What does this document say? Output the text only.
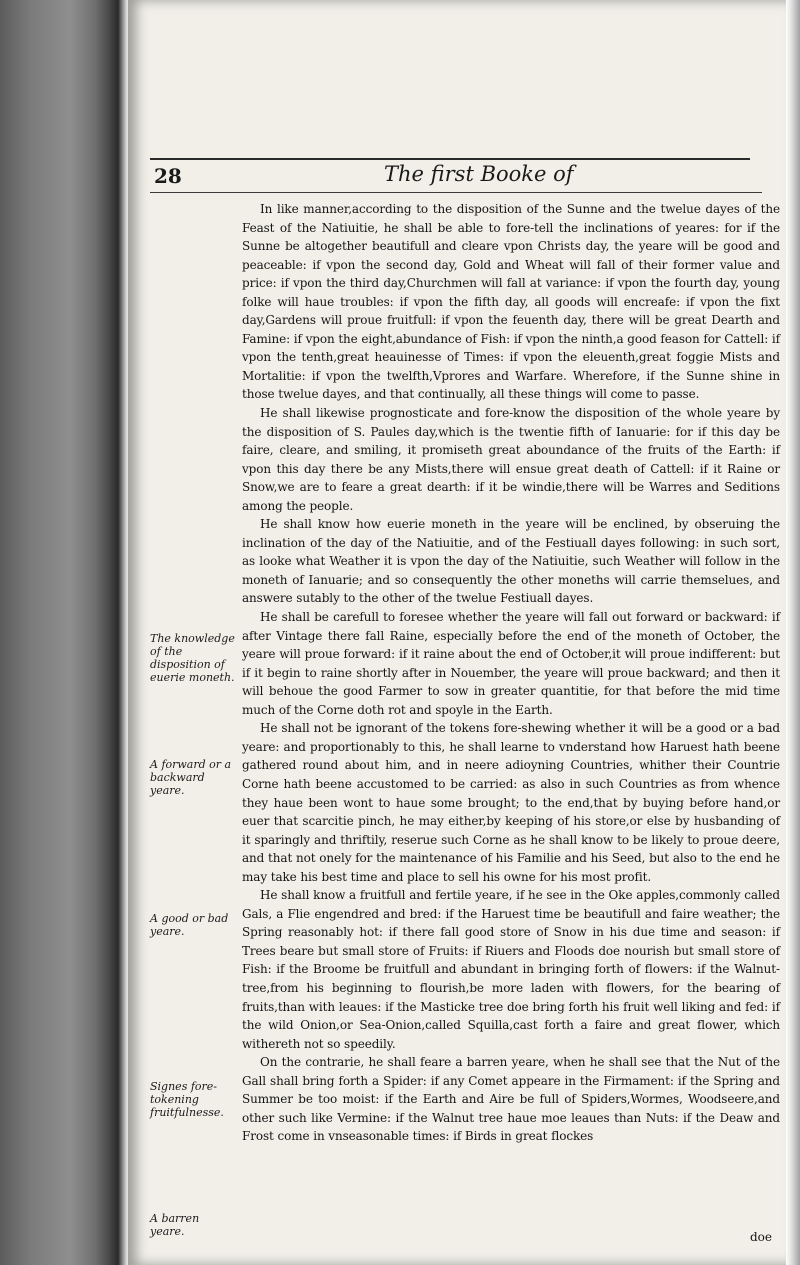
28	The first Booke of
The knowledge of the disposition of euerie moneth.
A forward or a backward yeare.
A good or bad yeare.
Signes fore-tokening fruitfulnesse.
A barren yeare.

In like manner,according to the disposition of the Sunne and the twelue dayes of the Feast of the Natiuitie, he shall be able to fore-tell the inclinations of yeares: for if the Sunne be altogether beautifull and cleare vpon Christs day, the yeare will be good and peaceable: if vpon the second day, Gold and Wheat will fall of their former value and price: if vpon the third day,Churchmen will fall at variance: if vpon the fourth day, young folke will haue troubles: if vpon the fifth day, all goods will encreafe: if vpon the fixt day,Gardens will proue fruitfull: if vpon the feuenth day, there will be great Dearth and Famine: if vpon the eight,abundance of Fish: if vpon the ninth,a good feason for Cattell: if vpon the tenth,great heauinesse of Times: if vpon the eleuenth,great foggie Mists and Mortalitie: if vpon the twelfth,Vprores and Warfare. Wherefore, if the Sunne shine in those twelue dayes, and that continually, all these things will come to passe.

He shall likewise prognosticate and fore-know the disposition of the whole yeare by the disposition of S. Paules day,which is the twentie fifth of Ianuarie: for if this day be faire, cleare, and smiling, it promiseth great aboundance of the fruits of the Earth: if vpon this day there be any Mists,there will ensue great death of Cattell: if it Raine or Snow,we are to feare a great dearth: if it be windie,there will be Warres and Seditions among the people.

He shall know how euerie moneth in the yeare will be enclined, by obseruing the inclination of the day of the Natiuitie, and of the Festiuall dayes following: in such sort, as looke what Weather it is vpon the day of the Natiuitie, such Weather will follow in the moneth of Ianuarie; and so consequently the other moneths will carrie themselues, and answere sutably to the other of the twelue Festiuall dayes.

He shall be carefull to foresee whether the yeare will fall out forward or backward: if after Vintage there fall Raine, especially before the end of the moneth of October, the yeare will proue forward: if it raine about the end of October,it will proue indifferent: but if it begin to raine shortly after in Nouember, the yeare will proue backward; and then it will behoue the good Farmer to sow in greater quantitie, for that before the mid time much of the Corne doth rot and spoyle in the Earth.

He shall not be ignorant of the tokens fore-shewing whether it will be a good or a bad yeare: and proportionably to this, he shall learne to vnderstand how Haruest hath beene gathered round about him, and in neere adioyning Countries, whither their Countrie Corne hath beene accustomed to be carried: as also in such Countries as from whence they haue been wont to haue some brought; to the end,that by buying before hand,or euer that scarcitie pinch, he may either,by keeping of his store,or else by husbanding of it sparingly and thriftily, reserue such Corne as he shall know to be likely to proue deere, and that not onely for the maintenance of his Familie and his Seed, but also to the end he may take his best time and place to sell his owne for his most profit.

He shall know a fruitfull and fertile yeare, if he see in the Oke apples,commonly called Gals, a Flie engendred and bred: if the Haruest time be beautifull and faire weather; the Spring reasonably hot: if there fall good store of Snow in his due time and season: if Trees beare but small store of Fruits: if Riuers and Floods doe nourish but small store of Fish: if the Broome be fruitfull and abundant in bringing forth of flowers: if the Walnut-tree,from his beginning to flourish,be more laden with flowers, for the bearing of fruits,than with leaues: if the Masticke tree doe bring forth his fruit well liking and fed: if the wild Onion,or Sea-Onion,called Squilla,cast forth a faire and great flower, which withereth not so speedily.

On the contrarie, he shall feare a barren yeare, when he shall see that the Nut of the Gall shall bring forth a Spider: if any Comet appeare in the Firmament: if the Spring and Summer be too moist: if the Earth and Aire be full of Spiders,Wormes, Woodseere,and other such like Vermine: if the Walnut tree haue moe leaues than Nuts: if the Deaw and Frost come in vnseasonable times: if Birds in great flockes

doe
